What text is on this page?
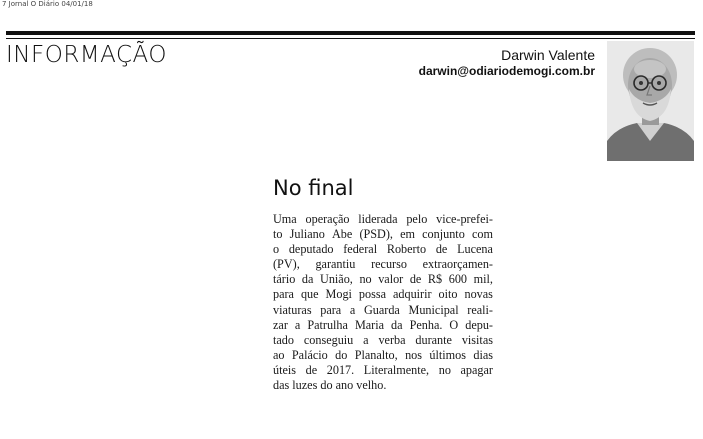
7 Jornal O Diário 04/01/18
INFORMAÇÃO	Darwin Valente
darwin@odiariodemogi.com.br
No final
Uma operação liderada pelo vice-prefei-
to Juliano Abe (PSD), em conjunto com
o deputado federal Roberto de Lucena
(PV), garantiu recurso extraorçamen-
tário da União, no valor de R$ 600 mil,
para que Mogi possa adquirir oito novas
viaturas para a Guarda Municipal reali-
zar a Patrulha Maria da Penha. O depu-
tado conseguiu a verba durante visitas
ao Palácio do Planalto, nos últimos dias
úteis de 2017. Literalmente, no apagar
das luzes do ano velho.
